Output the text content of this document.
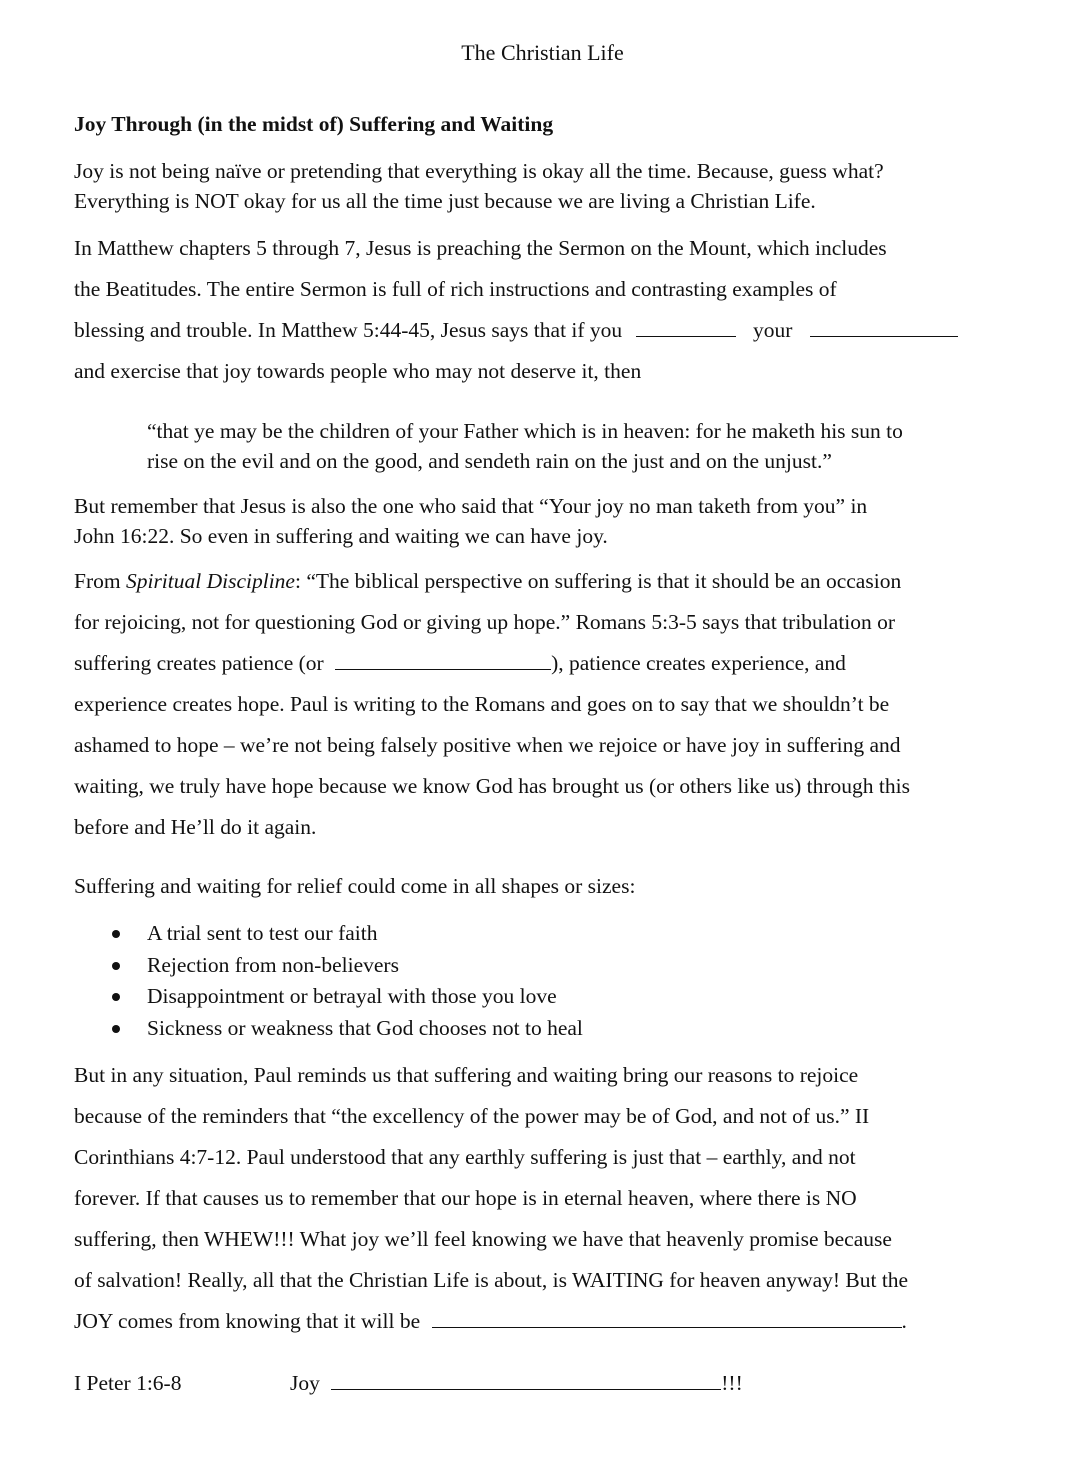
The Christian Life
Joy Through (in the midst of) Suffering and Waiting
Joy is not being naïve or pretending that everything is okay all the time. Because, guess what?
Everything is NOT okay for us all the time just because we are living a Christian Life.
In Matthew chapters 5 through 7, Jesus is preaching the Sermon on the Mount, which includes
the Beatitudes. The entire Sermon is full of rich instructions and contrasting examples of
blessing and trouble. In Matthew 5:44-45, Jesus says that if you	your
and exercise that joy towards people who may not deserve it, then
“that ye may be the children of your Father which is in heaven: for he maketh his sun to
rise on the evil and on the good, and sendeth rain on the just and on the unjust.”
But remember that Jesus is also the one who said that “Your joy no man taketh from you” in
John 16:22. So even in suffering and waiting we can have joy.
From Spiritual Discipline: “The biblical perspective on suffering is that it should be an occasion
for rejoicing, not for questioning God or giving up hope.” Romans 5:3-5 says that tribulation or
suffering creates patience (or	), patience creates experience, and
experience creates hope. Paul is writing to the Romans and goes on to say that we shouldn’t be
ashamed to hope – we’re not being falsely positive when we rejoice or have joy in suffering and
waiting, we truly have hope because we know God has brought us (or others like us) through this
before and He’ll do it again.
Suffering and waiting for relief could come in all shapes or sizes:
A trial sent to test our faith
Rejection from non-believers
Disappointment or betrayal with those you love
Sickness or weakness that God chooses not to heal
But in any situation, Paul reminds us that suffering and waiting bring our reasons to rejoice
because of the reminders that “the excellency of the power may be of God, and not of us.” II
Corinthians 4:7-12. Paul understood that any earthly suffering is just that – earthly, and not
forever. If that causes us to remember that our hope is in eternal heaven, where there is NO
suffering, then WHEW!!! What joy we’ll feel knowing we have that heavenly promise because
of salvation! Really, all that the Christian Life is about, is WAITING for heaven anyway! But the
JOY comes from knowing that it will be	.
I Peter 1:6-8	Joy	!!!
